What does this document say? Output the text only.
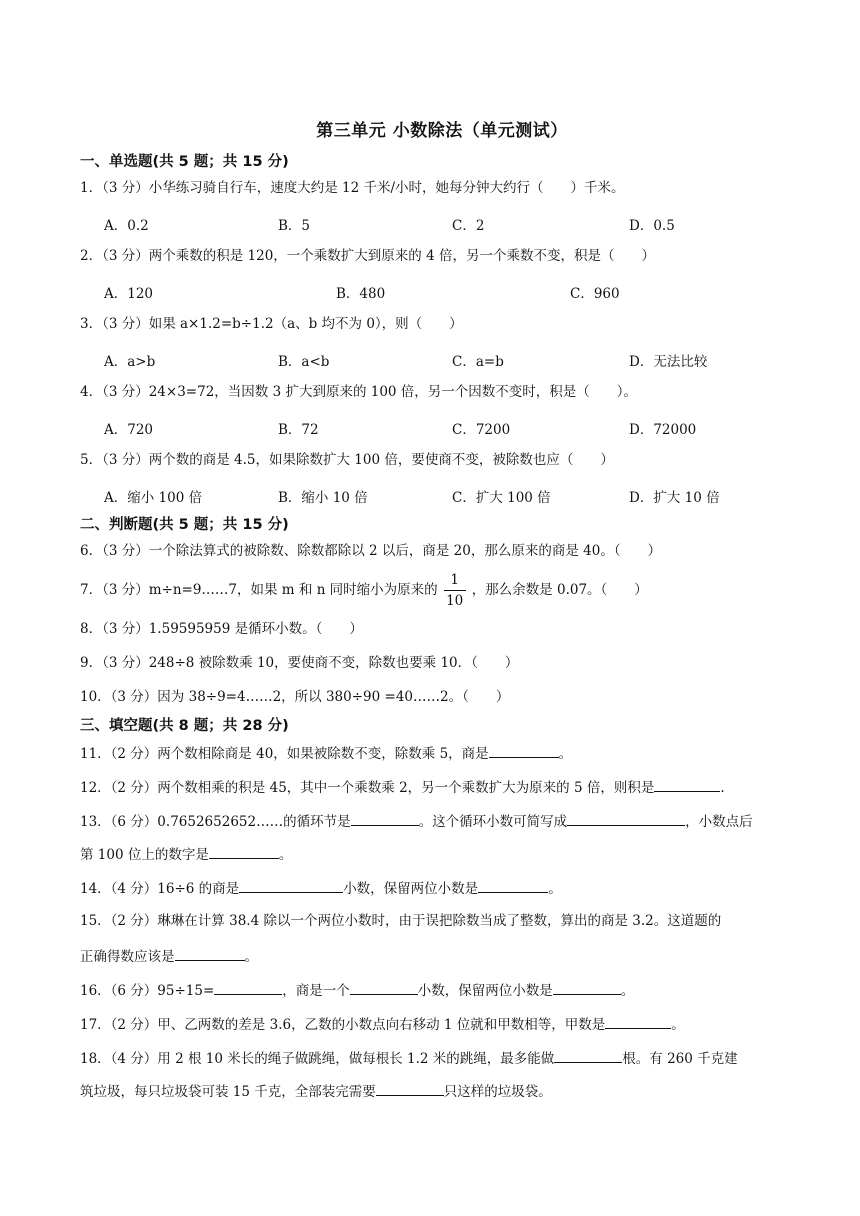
第三单元 小数除法（单元测试）
一、单选题(共 5 题；共 15 分)
1．（3 分）小华练习骑自行车，速度大约是 12 千米/小时，她每分钟大约行（　　）千米。
A．0.2	B．5	C．2	D．0.5
2．（3 分）两个乘数的积是 120，一个乘数扩大到原来的 4 倍，另一个乘数不变，积是（　　）
A．120	B．480	C．960
3．（3 分）如果 a×1.2=b÷1.2（a、b 均不为 0），则（　　）
A．a>b	B．a<b	C．a=b	D．无法比较
4．（3 分）24×3=72，当因数 3 扩大到原来的 100 倍，另一个因数不变时，积是（　　）。
A．720	B．72	C．7200	D．72000
5．（3 分）两个数的商是 4.5，如果除数扩大 100 倍，要使商不变，被除数也应（　　）
A．缩小 100 倍	B．缩小 10 倍	C．扩大 100 倍	D．扩大 10 倍
二、判断题(共 5 题；共 15 分)
6．（3 分）一个除法算式的被除数、除数都除以 2 以后，商是 20，那么原来的商是 40。（　　）
7．（3 分）m÷n=9……7，如果 m 和 n 同时缩小为原来的 $\frac{1}{10}$ ，那么余数是 0.07。（　　）
8．（3 分）1.59595959 是循环小数。（　　）
9．（3 分）248÷8 被除数乘 10，要使商不变，除数也要乘 10．（　　）
10．（3 分）因为 38÷9=4……2，所以 380÷90 =40……2。（　　）
三、填空题(共 8 题；共 28 分)
11．（2 分）两个数相除商是 40，如果被除数不变，除数乘 5，商是	。
12．（2 分）两个数相乘的积是 45，其中一个乘数乘 2，另一个乘数扩大为原来的 5 倍，则积是	.
13．（6 分）0.7652652652……的循环节是	。这个循环小数可简写成	，小数点后
第 100 位上的数字是	。
14．（4 分）16÷6 的商是	小数，保留两位小数是	。
15．（2 分）琳琳在计算 38.4 除以一个两位小数时，由于误把除数当成了整数，算出的商是 3.2。这道题的
正确得数应该是	。
16．（6 分）95÷15=	，商是一个	小数，保留两位小数是	。
17．（2 分）甲、乙两数的差是 3.6，乙数的小数点向右移动 1 位就和甲数相等，甲数是	。
18．（4 分）用 2 根 10 米长的绳子做跳绳，做每根长 1.2 米的跳绳，最多能做	根。有 260 千克建
筑垃圾，每只垃圾袋可装 15 千克，全部装完需要	只这样的垃圾袋。
